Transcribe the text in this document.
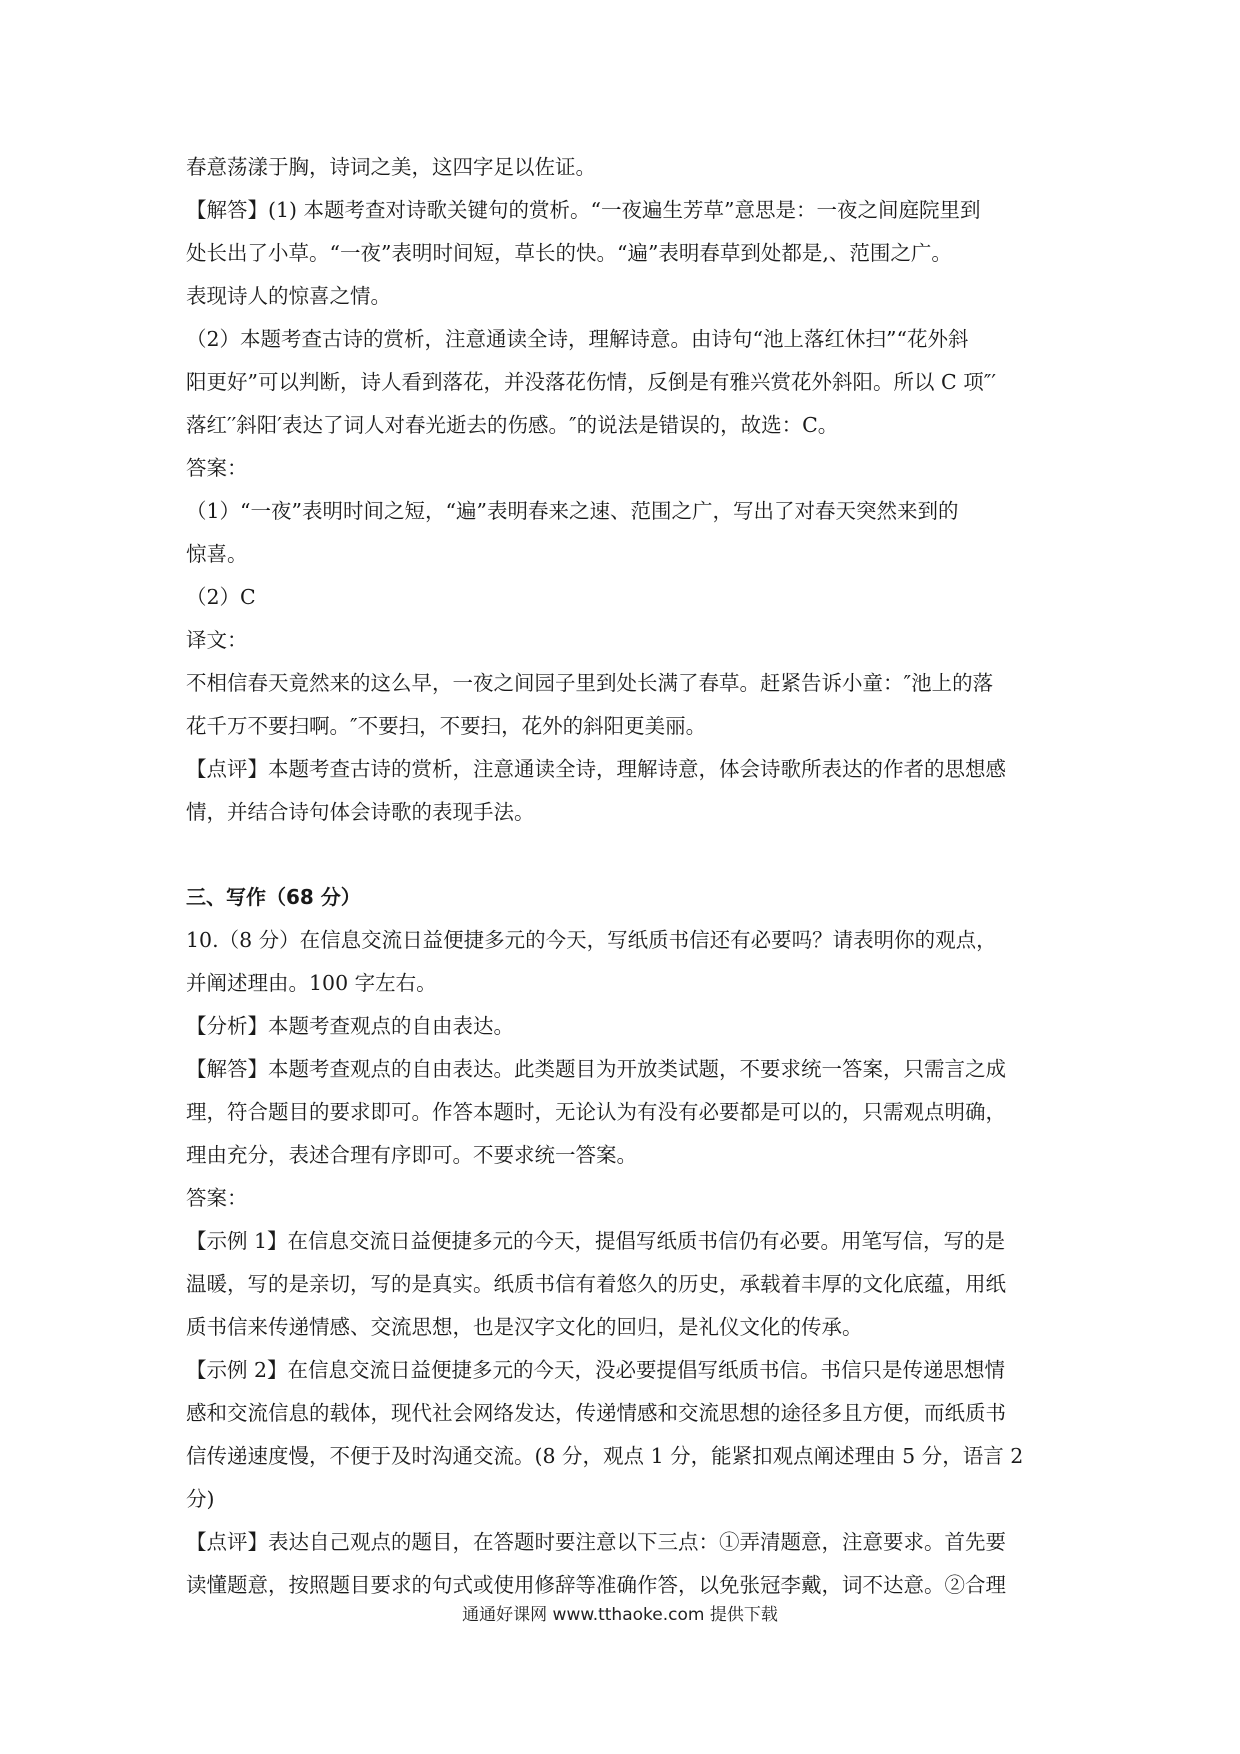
春意荡漾于胸，诗词之美，这四字足以佐证。
【解答】(1) 本题考查对诗歌关键句的赏析。“一夜遍生芳草”意思是：一夜之间庭院里到
处长出了小草。“一夜”表明时间短，草长的快。“遍”表明春草到处都是,、范围之广。
表现诗人的惊喜之情。
（2）本题考查古诗的赏析，注意通读全诗，理解诗意。由诗句“池上落红休扫”“花外斜
阳更好”可以判断，诗人看到落花，并没落花伤情，反倒是有雅兴赏花外斜阳。所以 C 项″′
落红′′斜阳′表达了词人对春光逝去的伤感。″的说法是错误的，故选：C。
答案：
（1）“一夜”表明时间之短，“遍”表明春来之速、范围之广，写出了对春天突然来到的
惊喜。
（2）C
译文：
不相信春天竟然来的这么早，一夜之间园子里到处长满了春草。赶紧告诉小童：″池上的落
花千万不要扫啊。″不要扫，不要扫，花外的斜阳更美丽。
【点评】本题考查古诗的赏析，注意通读全诗，理解诗意，体会诗歌所表达的作者的思想感
情，并结合诗句体会诗歌的表现手法。
三、写作（68 分）
10.（8 分）在信息交流日益便捷多元的今天，写纸质书信还有必要吗？请表明你的观点，
并阐述理由。100 字左右。
【分析】本题考查观点的自由表达。
【解答】本题考查观点的自由表达。此类题目为开放类试题，不要求统一答案，只需言之成
理，符合题目的要求即可。作答本题时，无论认为有没有必要都是可以的，只需观点明确，
理由充分，表述合理有序即可。不要求统一答案。
答案：
【示例 1】在信息交流日益便捷多元的今天，提倡写纸质书信仍有必要。用笔写信，写的是
温暖，写的是亲切，写的是真实。纸质书信有着悠久的历史，承载着丰厚的文化底蕴，用纸
质书信来传递情感、交流思想，也是汉字文化的回归，是礼仪文化的传承。
【示例 2】在信息交流日益便捷多元的今天，没必要提倡写纸质书信。书信只是传递思想情
感和交流信息的载体，现代社会网络发达，传递情感和交流思想的途径多且方便，而纸质书
信传递速度慢，不便于及时沟通交流。(8 分，观点 1 分，能紧扣观点阐述理由 5 分，语言 2
分)
【点评】表达自己观点的题目，在答题时要注意以下三点：①弄清题意，注意要求。首先要
读懂题意，按照题目要求的句式或使用修辞等准确作答，以免张冠李戴，词不达意。②合理
通通好课网 www.tthaoke.com 提供下载
